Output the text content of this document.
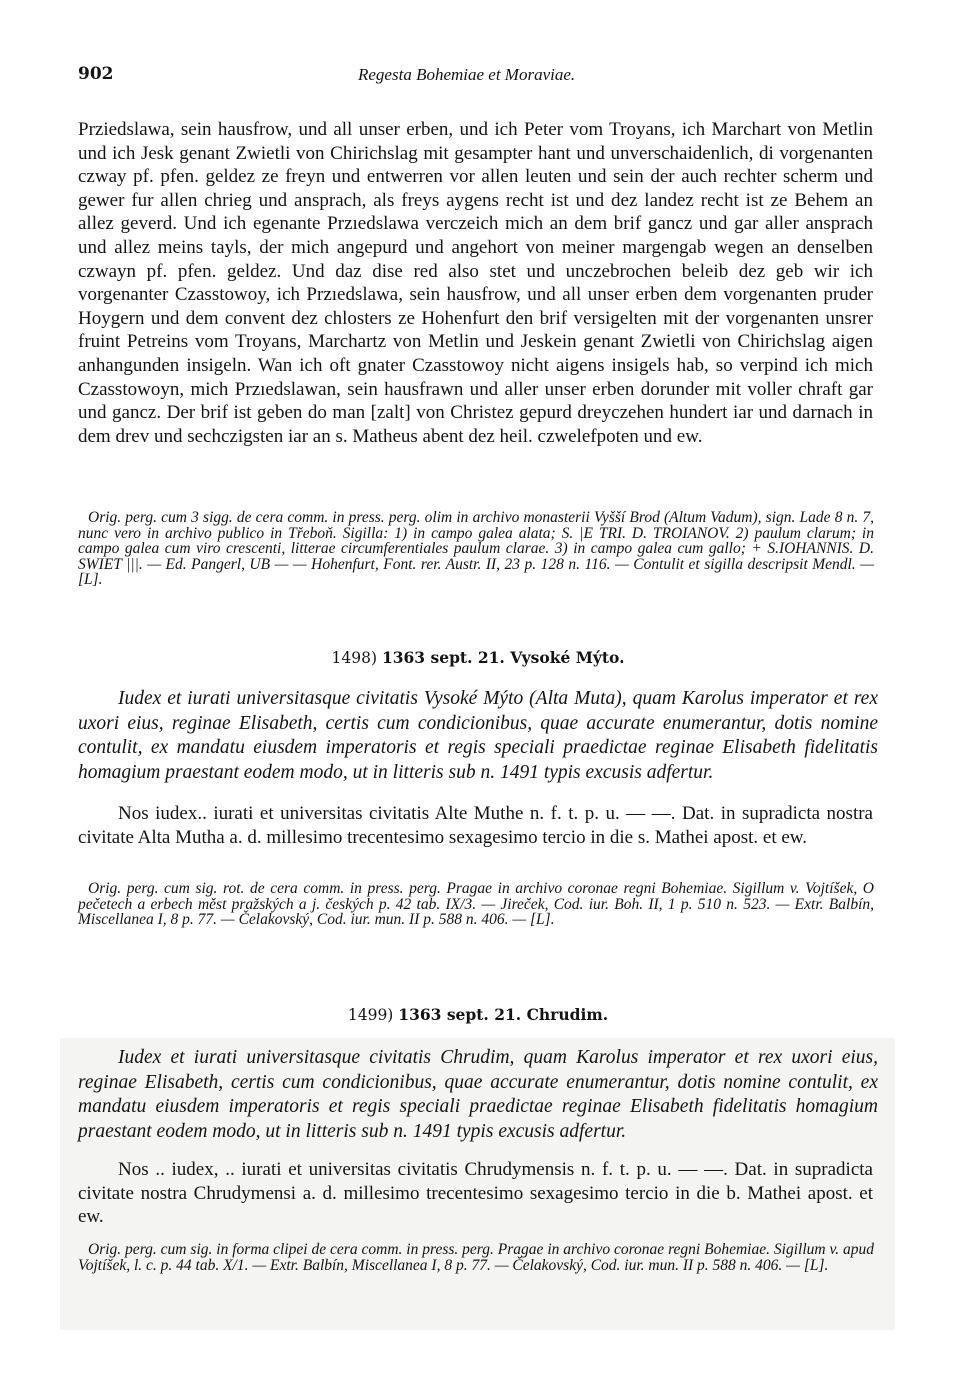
902	Regesta Bohemiae et Moraviae.

Prziedslawa, sein hausfrow, und all unser erben, und ich Peter vom Troyans, ich Marchart von Metlin und ich Jesk genant Zwietli von Chirichslag mit gesampter hant und unverschaidenlich, di vorgenanten czway pf. pfen. geldez ze freyn und entwerren vor allen leuten und sein der auch rechter scherm und gewer fur allen chrieg und ansprach, als freys aygens recht ist und dez landez recht ist ze Behem an allez geverd. Und ich egenante Przıedslawa verczeich mich an dem brif gancz und gar aller ansprach und allez meins tayls, der mich angepurd und angehort von meiner margengab wegen an denselben czwayn pf. pfen. geldez. Und daz dise red also stet und unczebrochen beleib dez geb wir ich vorgenanter Czasstowoy, ich Przıedslawa, sein hausfrow, und all unser erben dem vorgenanten pruder Hoygern und dem convent dez chlosters ze Hohenfurt den brif versigelten mit der vorgenanten unsrer fruint Petreins vom Troyans, Marchartz von Metlin und Jeskein genant Zwietli von Chirichslag aigen anhangunden insigeln. Wan ich oft gnater Czasstowoy nicht aigens insigels hab, so verpind ich mich Czasstowoyn, mich Przıedslawan, sein hausfrawn und aller unser erben dorunder mit voller chraft gar und gancz. Der brif ist geben do man [zalt] von Christez gepurd dreyczehen hundert iar und darnach in dem drev und sechczigsten iar an s. Matheus abent dez heil. czwelefpoten und ew.

Orig. perg. cum 3 sigg. de cera comm. in press. perg. olim in archivo monasterii Vyšší Brod (Altum Vadum), sign. Lade 8 n. 7, nunc vero in archivo publico in Třeboň. Sigilla: 1) in campo galea alata; S. |E TRI. D. TROIANOV. 2) paulum clarum; in campo galea cum viro crescenti, litterae circumferentiales paulum clarae. 3) in campo galea cum gallo; + S.IOHANNIS. D. SWIET |||. — Ed. Pangerl, UB — — Hohenfurt, Font. rer. Austr. II, 23 p. 128 n. 116. — Contulit et sigilla descripsit Mendl. — [L].

1498) 1363 sept. 21. Vysoké Mýto.

Iudex et iurati universitasque civitatis Vysoké Mýto (Alta Muta), quam Karolus imperator et rex uxori eius, reginae Elisabeth, certis cum condicionibus, quae accurate enumerantur, dotis nomine contulit, ex mandatu eiusdem imperatoris et regis speciali praedictae reginae Elisabeth fidelitatis homagium praestant eodem modo, ut in litteris sub n. 1491 typis excusis adfertur.

Nos iudex.. iurati et universitas civitatis Alte Muthe n. f. t. p. u. — —. Dat. in supradicta nostra civitate Alta Mutha a. d. millesimo trecentesimo sexagesimo tercio in die s. Mathei apost. et ew.

Orig. perg. cum sig. rot. de cera comm. in press. perg. Pragae in archivo coronae regni Bohemiae. Sigillum v. Vojtíšek, O pečetech a erbech měst pražských a j. českých p. 42 tab. IX/3. — Jireček, Cod. iur. Boh. II, 1 p. 510 n. 523. — Extr. Balbín, Miscellanea I, 8 p. 77. — Čelakovský, Cod. iur. mun. II p. 588 n. 406. — [L].

1499) 1363 sept. 21. Chrudim.

Iudex et iurati universitasque civitatis Chrudim, quam Karolus imperator et rex uxori eius, reginae Elisabeth, certis cum condicionibus, quae accurate enumerantur, dotis nomine contulit, ex mandatu eiusdem imperatoris et regis speciali praedictae reginae Elisabeth fidelitatis homagium praestant eodem modo, ut in litteris sub n. 1491 typis excusis adfertur.

Nos .. iudex, .. iurati et universitas civitatis Chrudymensis n. f. t. p. u. — —. Dat. in supradicta civitate nostra Chrudymensi a. d. millesimo trecentesimo sexagesimo tercio in die b. Mathei apost. et ew.

Orig. perg. cum sig. in forma clipei de cera comm. in press. perg. Pragae in archivo coronae regni Bohemiae. Sigillum v. apud Vojtíšek, l. c. p. 44 tab. X/1. — Extr. Balbín, Miscellanea I, 8 p. 77. — Čelakovský, Cod. iur. mun. II p. 588 n. 406. — [L].
